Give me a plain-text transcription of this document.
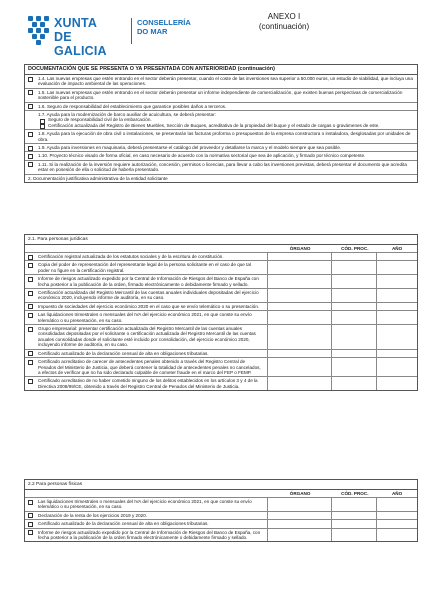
XUNTA
DE GALICIA
CONSELLERÍA
DO MAR
ANEXO I
(continuación)
DOCUMENTACIÓN QUE SE PRESENTA O YA PRESENTADA CON ANTERIORIDAD (continuación)
1.4. Las nuevas empresas que estén entrando en el sector deberán presentar, cuando el coste de las inversiones sea superior a 50.000 euros, un estudio de viabilidad, que incluya una evaluación de impacto ambiental de las operaciones.
1.5. Las nuevas empresas que estén entrando en el sector deberán presentar un informe independiente de comercialización, que existen buenas perspectivas de comercialización sostenible para el producto.
1.6. Seguro de responsabilidad del establecimiento que garantice posibles daños a terceros.
1.7. Ayuda para la modernización de barco auxiliar de acuicultura, se deberá presentar:
Seguro de responsabilidad civil de la embarcación.
Certificación actualizada del Registro de Bienes Muebles, Sección de Buques, acreditativa de la propiedad del buque y el estado de cargas o gravámenes de este.
1.8. Ayuda para la ejecución de obra civil o instalaciones, se presentarán las facturas proforma o presupuestos de la empresa constructora o instaladora, desglosadas por unidades de obra.
1.9. Ayuda para inversiones en maquinaria, deberá presentarse el catálogo del proveedor y detallarse la marca y el modelo siempre que sea posible.
1.10. Proyecto técnico visado de forma oficial, en caso necesario de acuerdo con la normativa sectorial que sea de aplicación, y firmado por técnico competente.
1.11. Si la realización de la inversión requiere autorización, concesión, permisos o licencias, para llevar a cabo las inversiones previstas, deberá presentar el documento que acredita estar en posesión de ella o solicitud de haberla presentado.
2. Documentación justificativa administrativa de la entidad solicitante
2.1. Para personas jurídicas
ÓRGANO	CÓD. PROC.	AÑO
Certificación registral actualizada de los estatutos sociales y de la escritura de constitución.
Copia del poder de representación del representante legal de la persona solicitante en el caso de que tal poder no figure en la certificación registral.
Informe de riesgos actualizado expedido por la Central de Información de Riesgos del Banco de España con fecha posterior a la publicación de la orden, firmado electrónicamente o debidamente firmado y sellado.
Certificación actualizada del Registro Mercantil de las cuentas anuales individuales depositadas del ejercicio económico 2020, incluyendo informe de auditoría, en su caso.
Impuesto de sociedades del ejercicio económico 2020 en el caso que se envío telemático o su presentación.
Las liquidaciones trimestrales o mensuales del IVA del ejercicio económico 2021, en que conste su envío telemático o su presentación, en su caso.
Grupo empresarial: presentar certificación actualizada del Registro Mercantil de las cuentas anuales consolidadas depositadas por el solicitante o certificación actualizada del Registro Mercantil de las cuentas anuales consolidadas donde el solicitante esté incluido por consolidación, del ejercicio económico 2020, incluyendo informe de auditoría, en su caso.
Certificado actualizado de la declaración censual de alta en obligaciones tributarias.
Certificado acreditativo de carecer de antecedentes penales obtenido a través del Registro Central de Penados del Ministerio de Justicia, que deberá contener la totalidad de antecedentes penales no cancelados, a efectos de verificar que no ha sido declarado culpable de cometer fraude en el marco del FEP o FEMP.
Certificado acreditativo de no haber cometido ninguno de los delitos establecidos en los artículos 3 y 4 de la Directiva 2008/99/CE, obtenido a través del Registro Central de Penados del Ministerio de Justicia.
2.2 Para personas físicas
ÓRGANO	CÓD. PROC.	AÑO
Las liquidaciones trimestrales o mensuales del IVA del ejercicio económico 2021, en que conste su envío telemático o su presentación, en su caso.
Declaración de la renta de los ejercicios 2019 y 2020.
Certificado actualizado de la declaración censual de alta en obligaciones tributarias.
Informe de riesgos actualizado expedido por la Central de Información de Riesgos del Banco de España, con fecha posterior a la publicación de la orden firmado electrónicamente o debidamente firmado y sellado.
